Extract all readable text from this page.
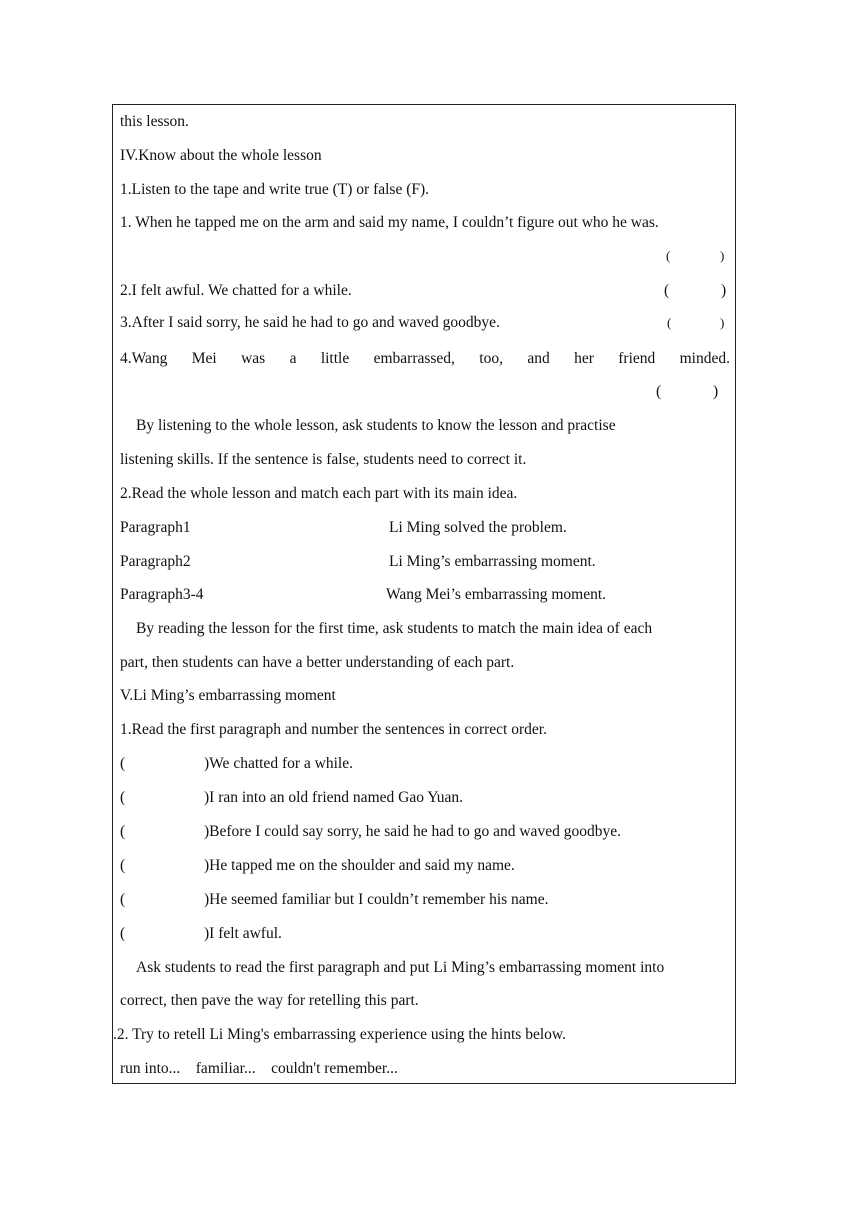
this lesson.
IV.Know about the whole lesson
1.Listen to the tape and write true (T) or false (F).
1. When he tapped me on the arm and said my name, I couldn’t figure out who he was.
(	)
2.I felt awful. We chatted for a while.	(	)
3.After I said sorry, he said he had to go and waved goodbye.	(	)
4.Wang Mei was a little embarrassed, too, and her friend minded.
(	)
By listening to the whole lesson, ask students to know the lesson and practise
listening skills. If the sentence is false, students need to correct it.
2.Read the whole lesson and match each part with its main idea.
Paragraph1	Li Ming solved the problem.
Paragraph2	Li Ming’s embarrassing moment.
Paragraph3-4	Wang Mei’s embarrassing moment.
By reading the lesson for the first time, ask students to match the main idea of each
part, then students can have a better understanding of each part.
V.Li Ming’s embarrassing moment
1.Read the first paragraph and number the sentences in correct order.
(	)We chatted for a while.
(	)I ran into an old friend named Gao Yuan.
(	)Before I could say sorry, he said he had to go and waved goodbye.
(	)He tapped me on the shoulder and said my name.
(	)He seemed familiar but I couldn’t remember his name.
(	)I felt awful.
Ask students to read the first paragraph and put Li Ming’s embarrassing moment into
correct, then pave the way for retelling this part.
.2. Try to retell Li Ming's embarrassing experience using the hints below.
run into...    familiar...    couldn't remember...
